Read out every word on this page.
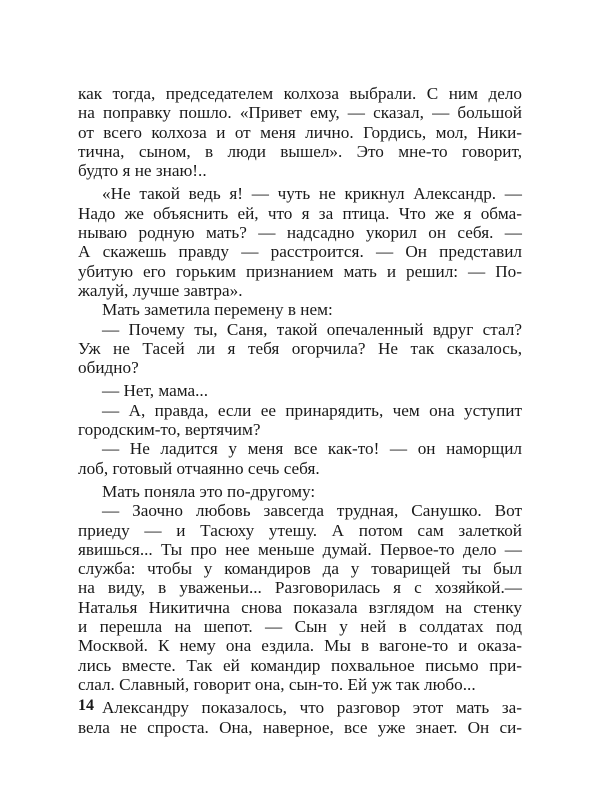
как тогда, председателем колхоза выбрали. С ним дело
на поправку пошло. «Привет ему, — сказал, — большой
от всего колхоза и от меня лично. Гордись, мол, Ники-
тична, сыном, в люди вышел». Это мне-то говорит,
будто я не знаю!..

«Не такой ведь я! — чуть не крикнул Александр. —
Надо же объяснить ей, что я за птица. Что же я обма-
нываю родную мать? — надсадно укорил он себя. —
А скажешь правду — расстроится. — Он представил
убитую его горьким признанием мать и решил: — По-
жалуй, лучше завтра».

Мать заметила перемену в нем:

— Почему ты, Саня, такой опечаленный вдруг стал?
Уж не Тасей ли я тебя огорчила? Не так сказалось,
обидно?

— Нет, мама...

— А, правда, если ее принарядить, чем она уступит
городским-то, вертячим?

— Не ладится у меня все как-то! — он наморщил
лоб, готовый отчаянно сечь себя.

Мать поняла это по-другому:

— Заочно любовь завсегда трудная, Санушко. Вот
приеду — и Тасюху утешу. А потом сам залеткой
явишься... Ты про нее меньше думай. Первое-то дело —
служба: чтобы у командиров да у товарищей ты был
на виду, в уваженьи... Разговорилась я с хозяйкой.—
Наталья Никитична снова показала взглядом на стенку
и перешла на шепот. — Сын у ней в солдатах под
Москвой. К нему она ездила. Мы в вагоне-то и оказа-
лись вместе. Так ей командир похвальное письмо при-
слал. Славный, говорит она, сын-то. Ей уж так любо...

Александру показалось, что разговор этот мать за-
вела не спроста. Она, наверное, все уже знает. Он си-

14
